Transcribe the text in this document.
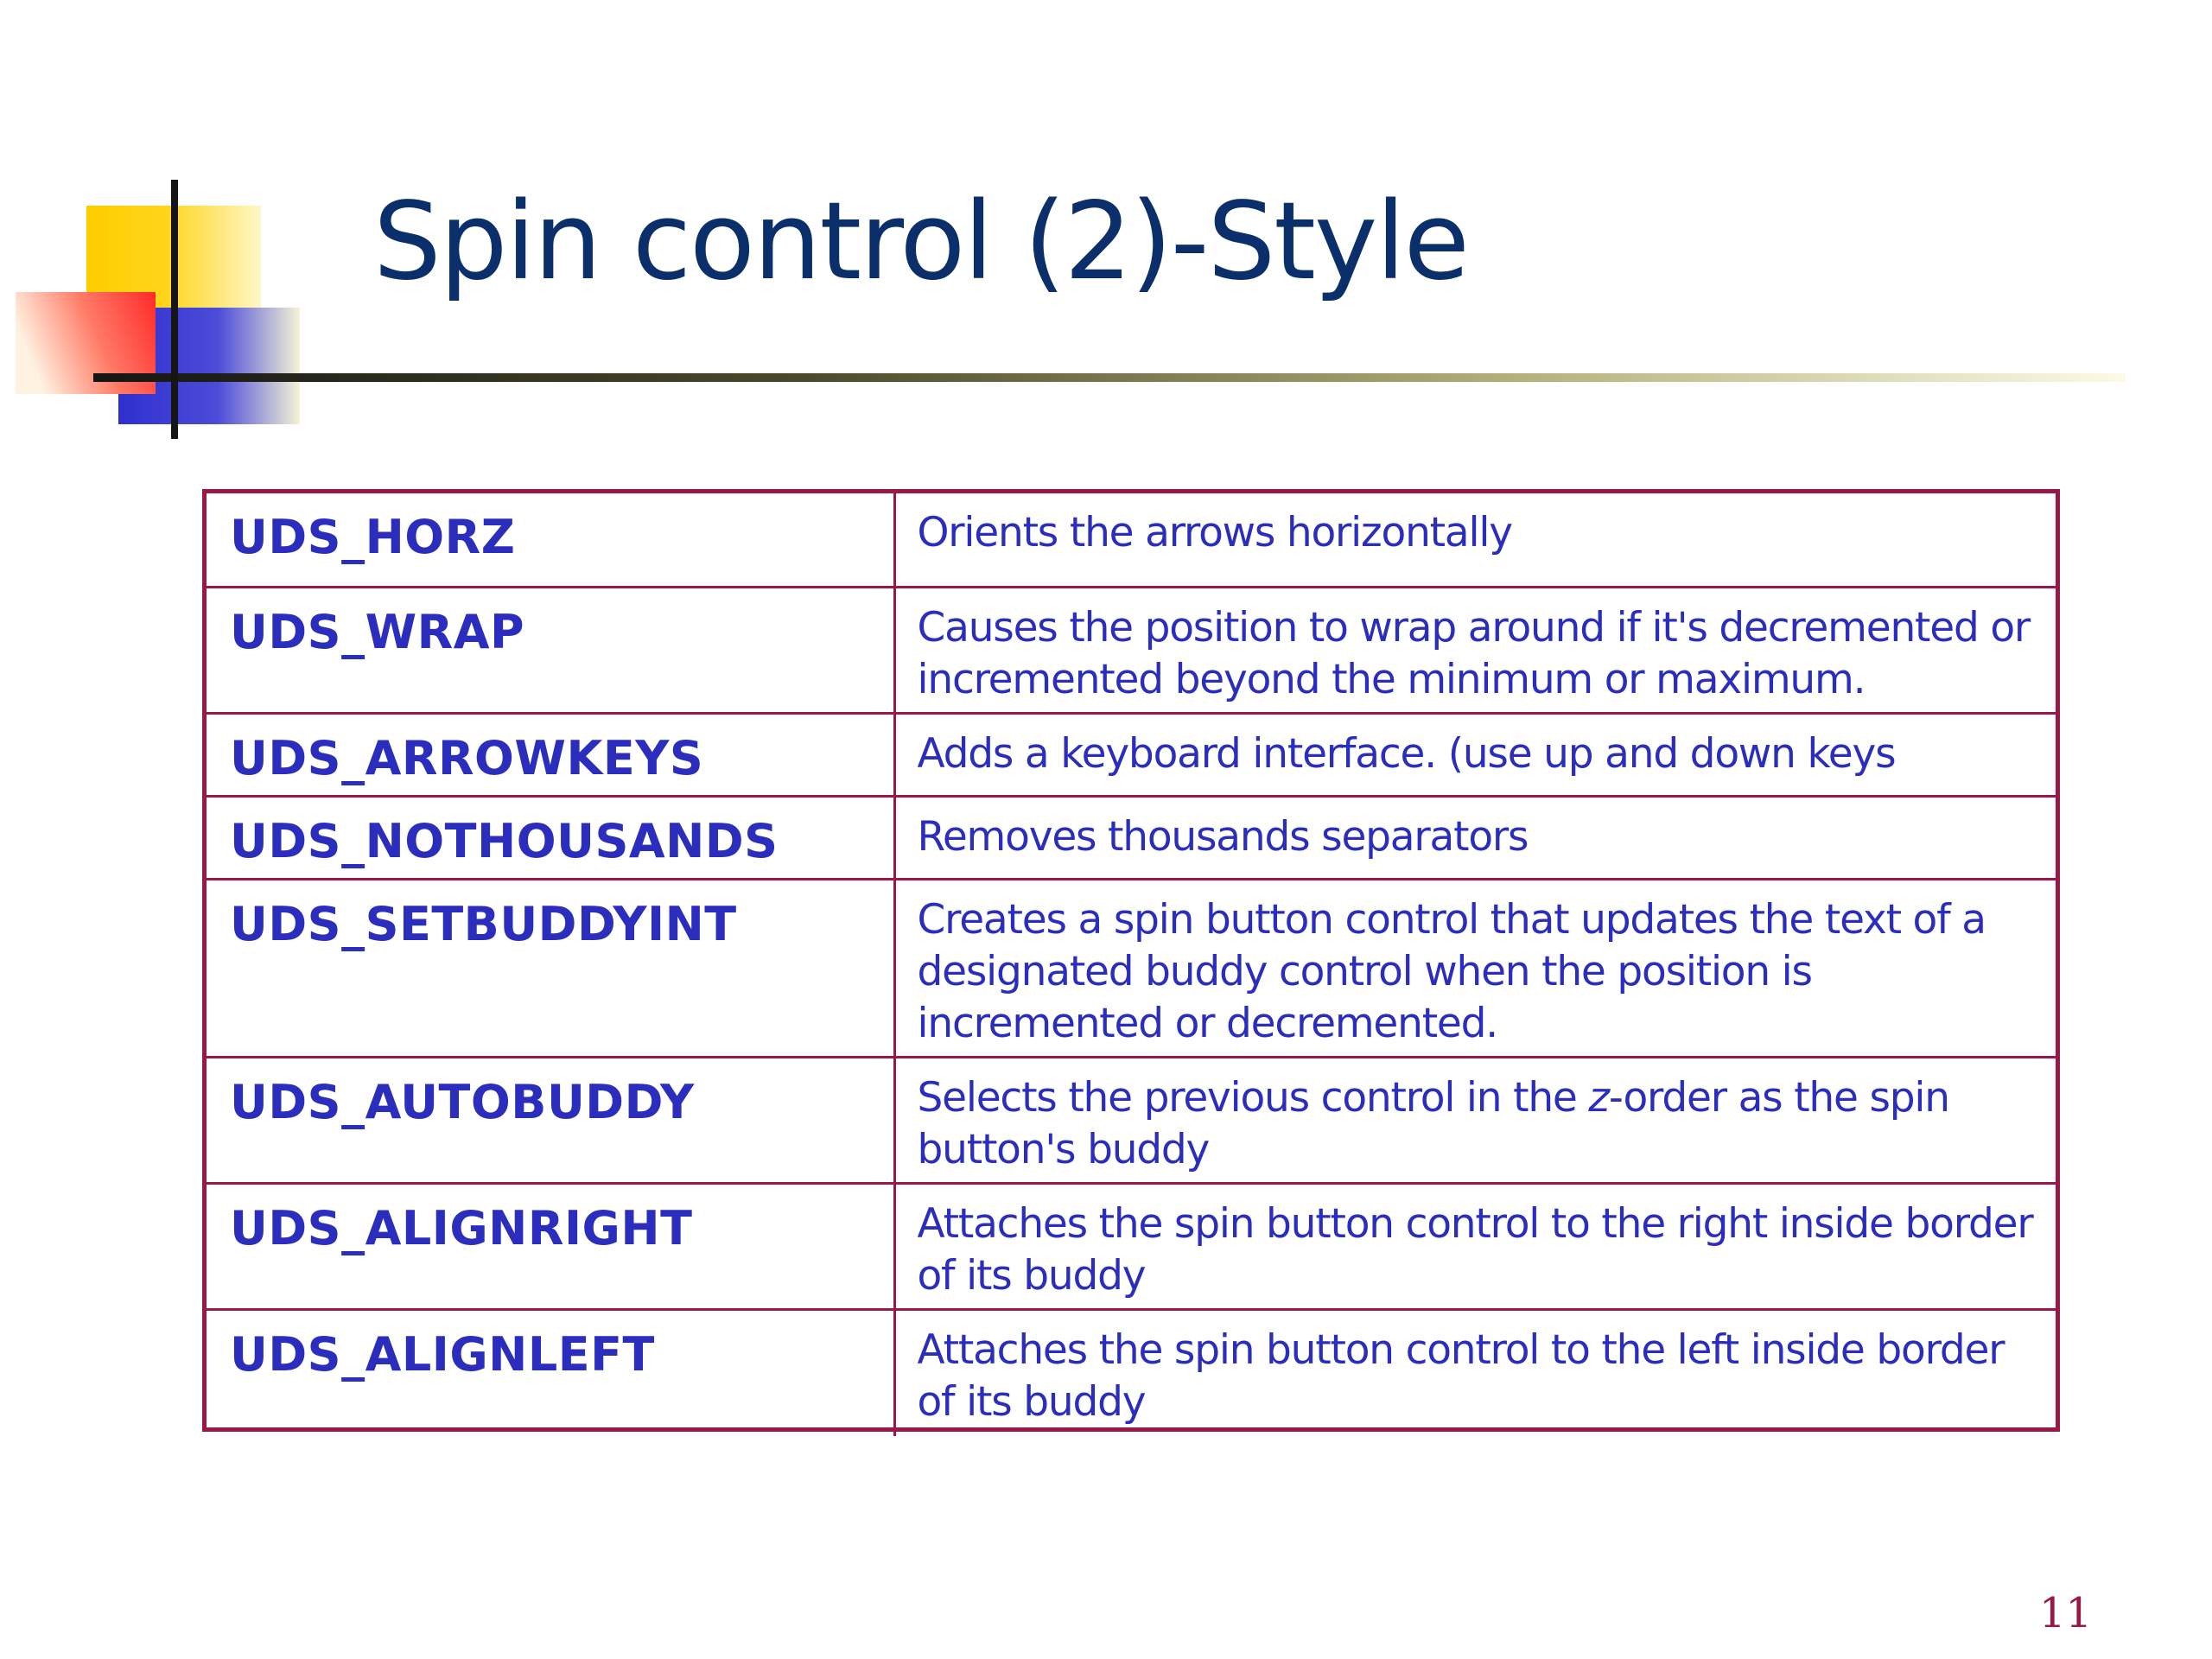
Spin control (2)-Style
UDS_HORZ	Orients the arrows horizontally
UDS_WRAP	Causes the position to wrap around if it's decremented or incremented beyond the minimum or maximum.
UDS_ARROWKEYS	Adds a keyboard interface. (use up and down keys
UDS_NOTHOUSANDS	Removes thousands separators
UDS_SETBUDDYINT	Creates a spin button control that updates the text of a designated buddy control when the position is incremented or decremented.
UDS_AUTOBUDDY	Selects the previous control in the z-order as the spin button's buddy
UDS_ALIGNRIGHT	Attaches the spin button control to the right inside border of its buddy
UDS_ALIGNLEFT	Attaches the spin button control to the left inside border of its buddy
11
